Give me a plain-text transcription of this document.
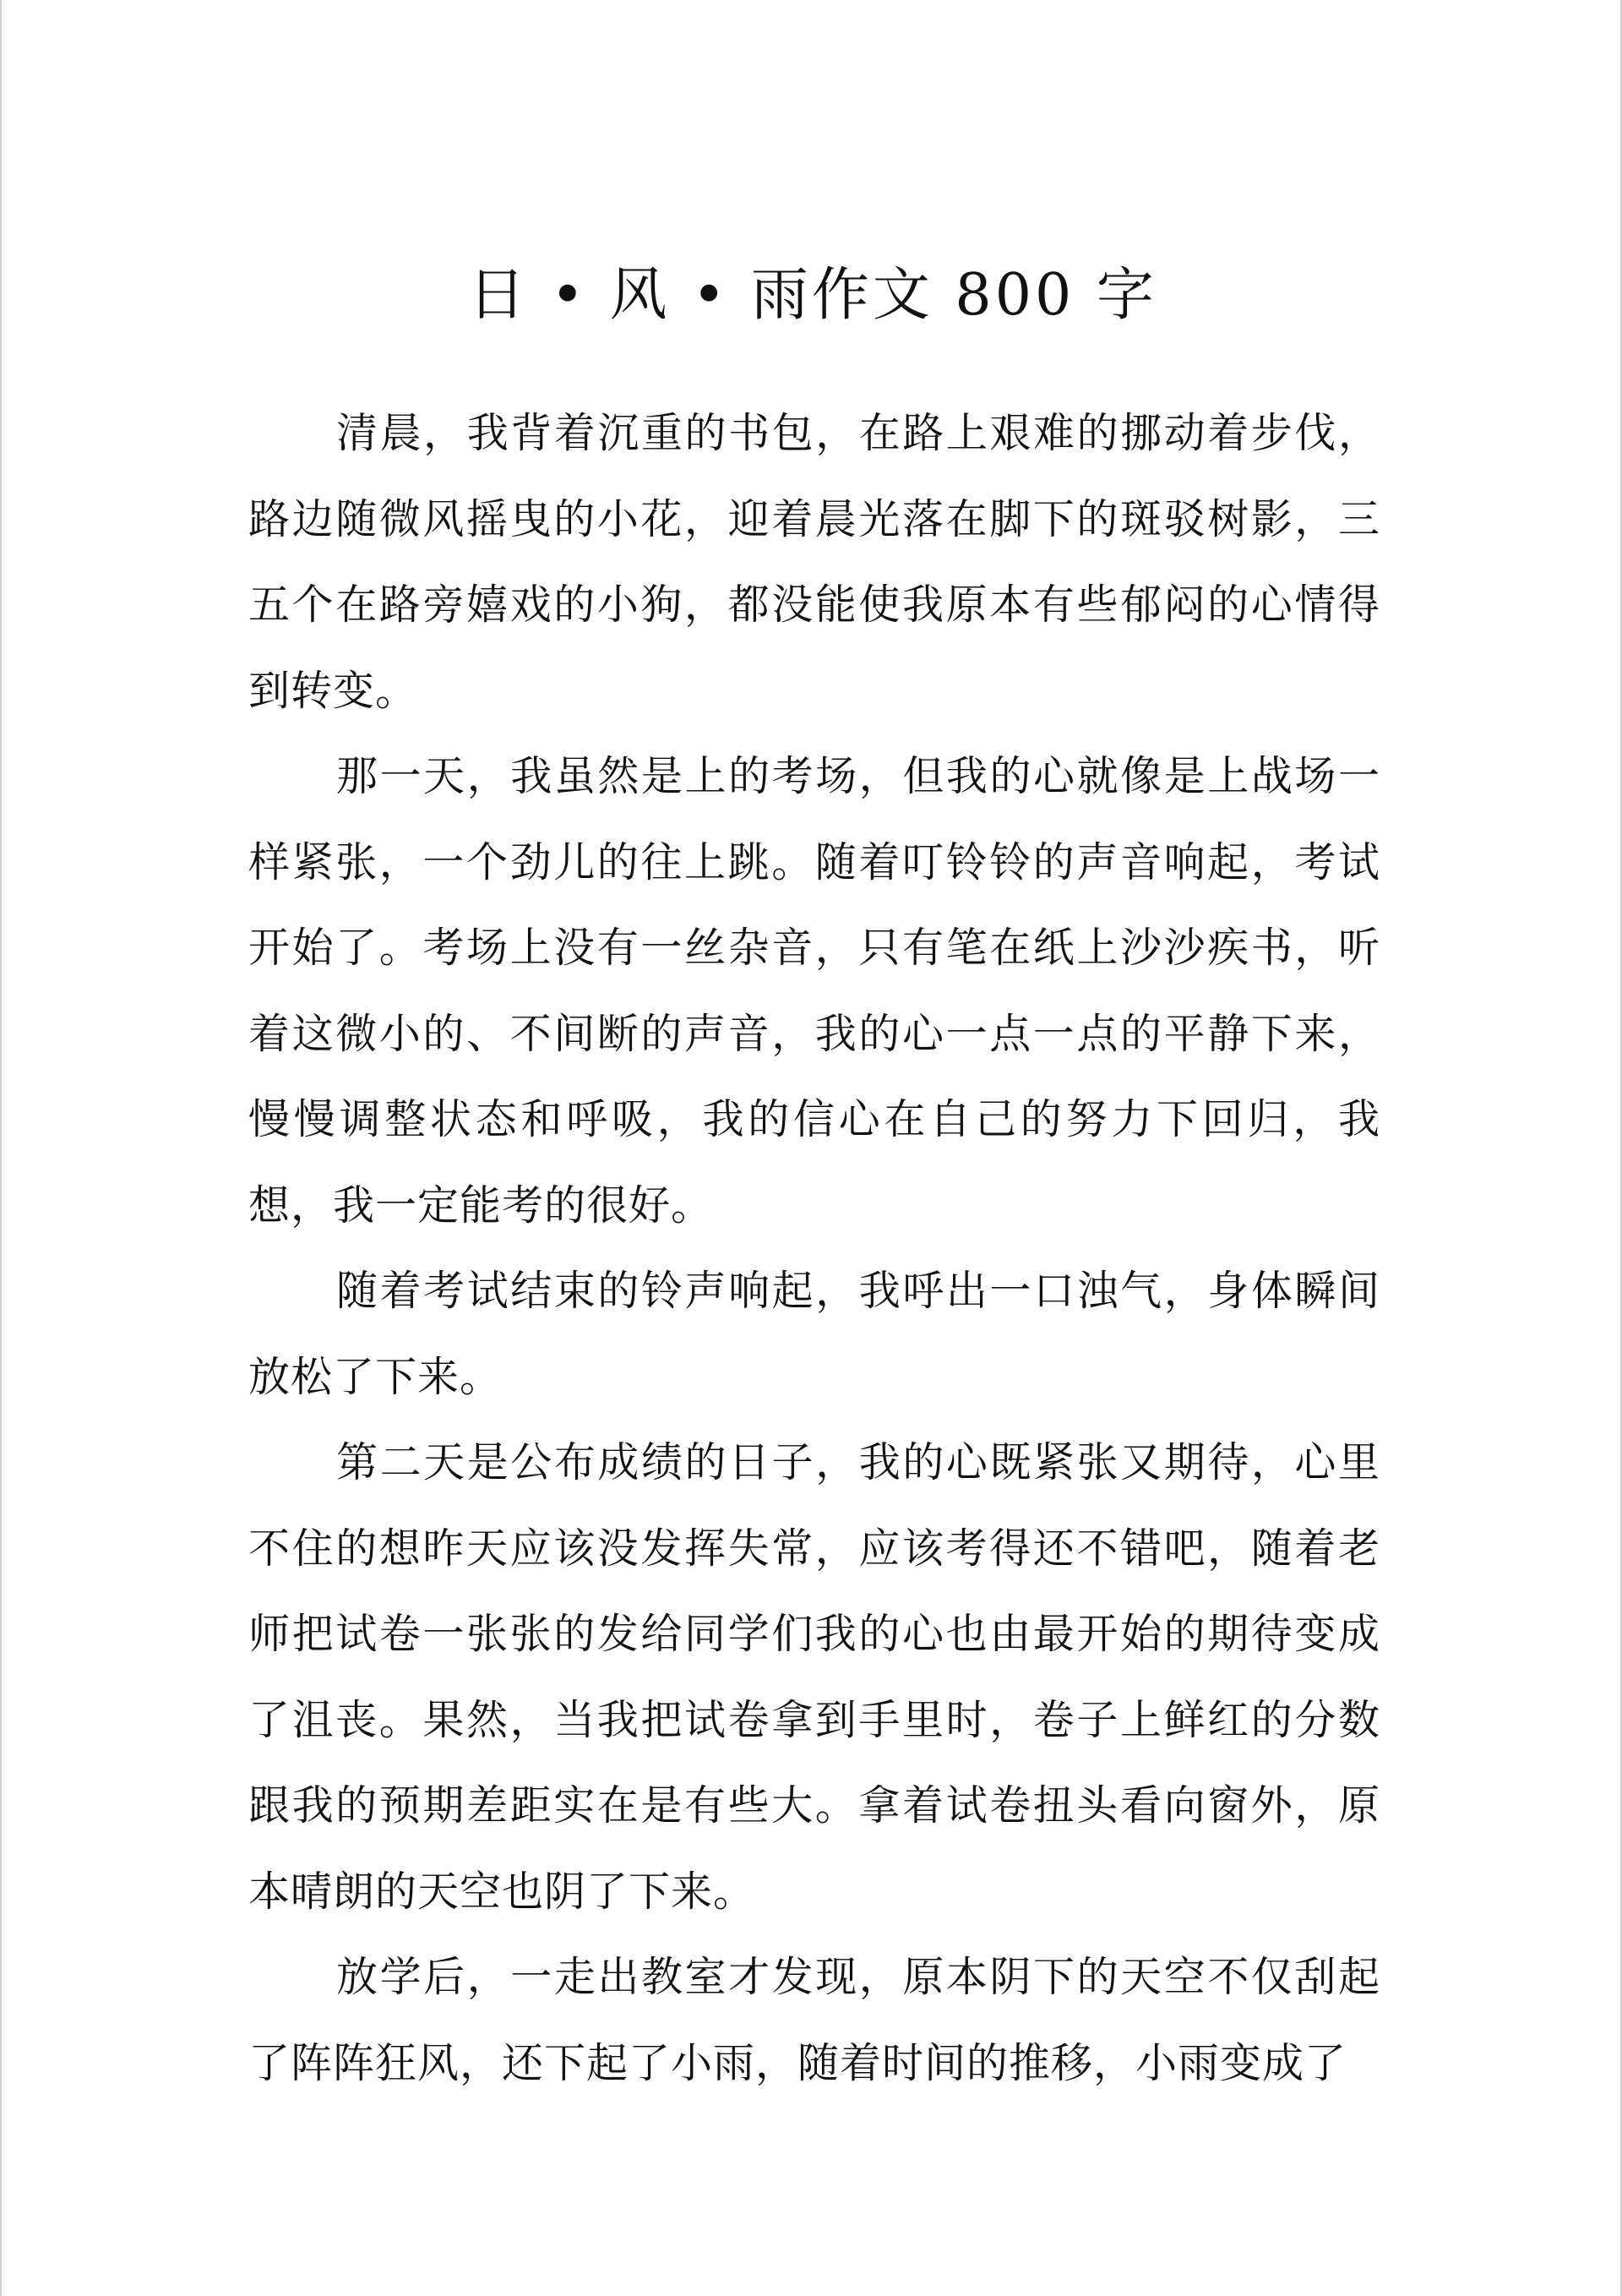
日 • 风 • 雨作文 800 字

清晨，我背着沉重的书包，在路上艰难的挪动着步伐，路边随微风摇曳的小花，迎着晨光落在脚下的斑驳树影，三五个在路旁嬉戏的小狗，都没能使我原本有些郁闷的心情得到转变。

那一天，我虽然是上的考场，但我的心就像是上战场一样紧张，一个劲儿的往上跳。随着叮铃铃的声音响起，考试开始了。考场上没有一丝杂音，只有笔在纸上沙沙疾书，听着这微小的、不间断的声音，我的心一点一点的平静下来，慢慢调整状态和呼吸，我的信心在自己的努力下回归，我想，我一定能考的很好。

随着考试结束的铃声响起，我呼出一口浊气，身体瞬间放松了下来。

第二天是公布成绩的日子，我的心既紧张又期待，心里不住的想昨天应该没发挥失常，应该考得还不错吧，随着老师把试卷一张张的发给同学们我的心也由最开始的期待变成了沮丧。果然，当我把试卷拿到手里时，卷子上鲜红的分数跟我的预期差距实在是有些大。拿着试卷扭头看向窗外，原本晴朗的天空也阴了下来。

放学后，一走出教室才发现，原本阴下的天空不仅刮起了阵阵狂风，还下起了小雨，随着时间的推移，小雨变成了
